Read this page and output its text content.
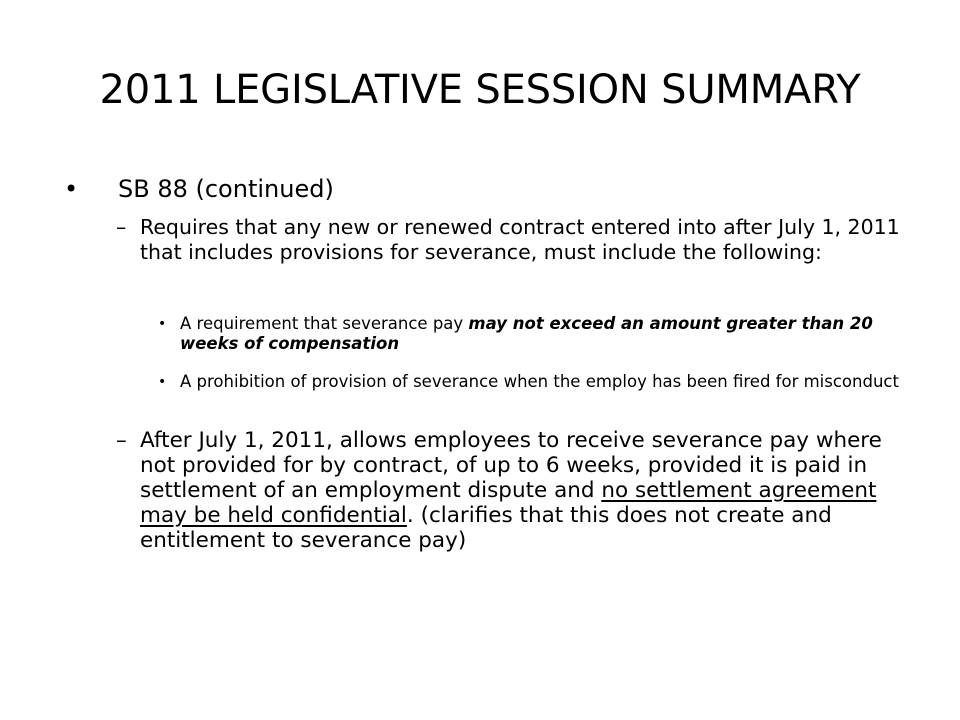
2011 LEGISLATIVE SESSION SUMMARY
• SB 88 (continued)
– Requires that any new or renewed contract entered into after July 1, 2011 that includes provisions for severance, must include the following:
• A requirement that severance pay may not exceed an amount greater than 20 weeks of compensation
• A prohibition of provision of severance when the employ has been fired for misconduct
– After July 1, 2011, allows employees to receive severance pay where not provided for by contract, of up to 6 weeks, provided it is paid in settlement of an employment dispute and no settlement agreement may be held confidential. (clarifies that this does not create and entitlement to severance pay)
